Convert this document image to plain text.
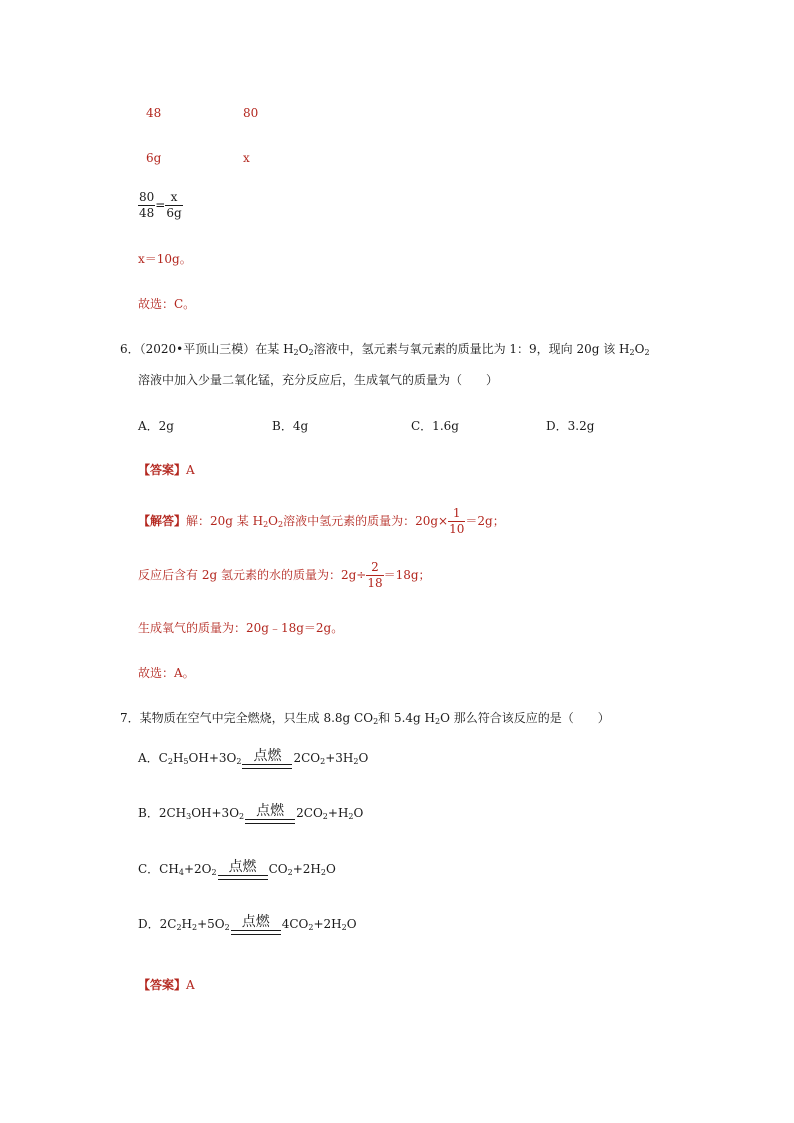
48	80
6g	x
$\frac{80}{48} = \frac{x}{6g}$
x＝10g。
故选：C。
6．（2020•平顶山三模）在某 $H_2O_2$溶液中，氢元素与氧元素的质量比为 1：9，现向 20g 该 $H_2O_2$
溶液中加入少量二氧化锰，充分反应后，生成氧气的质量为（　　）
A．2g	B．4g	C．1.6g	D．3.2g
【答案】A
【解答】解：20g 某 $H_2O_2$溶液中氢元素的质量为：$20g\times \frac{1}{10} =2g$；
反应后含有 2g 氢元素的水的质量为：$2g\div \frac{2}{18} =18g$；
生成氧气的质量为：20g﹣18g＝2g。
故选：A。
7．某物质在空气中完全燃烧，只生成 8.8g $CO_2$和 5.4g $H_2O$ 那么符合该反应的是（　　）
A．$C_2H_5OH+3O_2$ 点燃	$2CO_2+3H_2O$
B．$2CH_3OH+3O_2$ 点燃	$2CO_2+H_2O$
C．$CH_4+2O_2$ 点燃	$CO_2+2H_2O$
D．$2C_2H_2+5O_2$ 点燃	$4CO_2+2H_2O$
【答案】A
